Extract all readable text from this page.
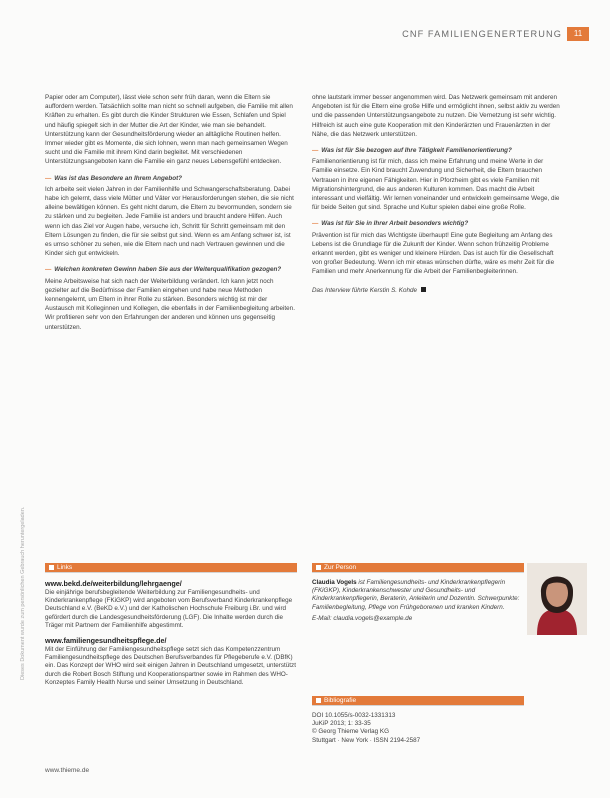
CNF FAMILIENGENERTERUNG	11

Papier oder am Computer), lässt viele schon sehr früh daran, wenn die Eltern sie auffordern werden. Tatsächlich sollte man nicht so schnell aufgeben, die Familie mit allen Kräften zu erhalten. Es gibt durch die Kinder Strukturen wie Essen, Schlafen und Spiel und häufig spiegelt sich in der Mutter die Art der Kinder, wie man sie behandelt. Unterstützung kann der Gesundheitsförderung wieder an alltägliche Routinen helfen. Immer wieder gibt es Momente, die sich lohnen, wenn man nach gemeinsamen Wegen sucht und die Familie mit ihrem Kind darin begleitet. Mit verschiedenen Unterstützungsangeboten kann die Familie ein ganz neues Lebensgefühl entdecken.

— Was ist das Besondere an Ihrem Angebot?

Ich arbeite seit vielen Jahren in der Familienhilfe und Schwangerschaftsberatung. Dabei habe ich gelernt, dass viele Mütter und Väter vor Herausforderungen stehen, die sie nicht alleine bewältigen können. Es geht nicht darum, die Eltern zu bevormunden, sondern sie zu stärken und zu begleiten. Jede Familie ist anders und braucht andere Hilfen. Auch wenn ich das Ziel vor Augen habe, versuche ich, Schritt für Schritt gemeinsam mit den Eltern Lösungen zu finden, die für sie selbst gut sind. Wenn es am Anfang schwer ist, ist es umso schöner zu sehen, wie die Eltern nach und nach Vertrauen gewinnen und die Kinder sich gut entwickeln.

— Welchen konkreten Gewinn haben Sie aus der Weiterqualifikation gezogen?

Meine Arbeitsweise hat sich nach der Weiterbildung verändert. Ich kann jetzt noch gezielter auf die Bedürfnisse der Familien eingehen und habe neue Methoden kennengelernt, um Eltern in ihrer Rolle zu stärken. Besonders wichtig ist mir der Austausch mit Kolleginnen und Kollegen, die ebenfalls in der Familienbegleitung arbeiten. Wir profitieren sehr von den Erfahrungen der anderen und können uns gegenseitig unterstützen.

ohne lautstark immer besser angenommen wird. Das Netzwerk gemeinsam mit anderen Angeboten ist für die Eltern eine große Hilfe und ermöglicht ihnen, selbst aktiv zu werden und die passenden Unterstützungsangebote zu nutzen. Die Vernetzung ist sehr wichtig. Hilfreich ist auch eine gute Kooperation mit den Kinderärzten und Frauenärzten in der Nähe, die das Netzwerk unterstützen.

— Was ist für Sie bezogen auf Ihre Tätigkeit Familienorientierung?

Familienorientierung ist für mich, dass ich meine Erfahrung und meine Werte in der Familie einsetze. Ein Kind braucht Zuwendung und Sicherheit, die Eltern brauchen Vertrauen in ihre eigenen Fähigkeiten. Hier in Pforzheim gibt es viele Familien mit Migrationshintergrund, die aus anderen Kulturen kommen. Das macht die Arbeit interessant und vielfältig. Wir lernen voneinander und entwickeln gemeinsame Wege, die für beide Seiten gut sind. Sprache und Kultur spielen dabei eine große Rolle.

— Was ist für Sie in Ihrer Arbeit besonders wichtig?

Prävention ist für mich das Wichtigste überhaupt! Eine gute Begleitung am Anfang des Lebens ist die Grundlage für die Zukunft der Kinder. Wenn schon frühzeitig Probleme erkannt werden, gibt es weniger und kleinere Hürden. Das ist auch für die Gesellschaft von großer Bedeutung. Wenn ich mir etwas wünschen dürfte, wäre es mehr Zeit für die Familien und mehr Anerkennung für die Arbeit der Familienbegleiterinnen.

Das Interview führte Kerstin S. Kohde

Links

www.bekd.de/weiterbildung/lehrgaenge/

Die einjährige berufsbegleitende Weiterbildung zur Familiengesundheits- und Kinderkrankenpflege (FKiGKP) wird angeboten vom Berufsverband Kinderkrankenpflege Deutschland e.V. (BeKD e.V.) und der Katholischen Hochschule Freiburg i.Br. und wird gefördert durch die Landesgesundheitsförderung (LGF). Die Inhalte werden durch die Träger mit Partnern der Familienhilfe abgestimmt.

www.familiengesundheitspflege.de/

Mit der Einführung der Familiengesundheitspflege setzt sich das Kompetenzzentrum Familiengesundheitspflege des Deutschen Berufsverbandes für Pflegeberufe e.V. (DBfK) ein. Das Konzept der WHO wird seit einigen Jahren in Deutschland umgesetzt, unterstützt durch die Robert Bosch Stiftung und Kooperationspartner sowie im Rahmen des WHO-Konzeptes Family Health Nurse und seiner Umsetzung in Deutschland.

Zur Person
Claudia Vogels ist Familiengesundheits- und Kinderkrankenpflegerin (FKiGKP), Kinderkrankenschwester und Gesundheits- und Kinderkrankenpflegerin, Beraterin, Anleiterin und Dozentin. Schwerpunkte: Familienbegleitung, Pflege von Frühgeborenen und kranken Kindern.
E-Mail: claudia.vogels@example.de
Bibliografie
DOI 10.1055/s-0032-1331313
JuKiP 2013; 1: 33-35
© Georg Thieme Verlag KG
Stuttgart · New York · ISSN 2194-2587
Dieses Dokument wurde zum persönlichen Gebrauch heruntergeladen.
www.thieme.de
